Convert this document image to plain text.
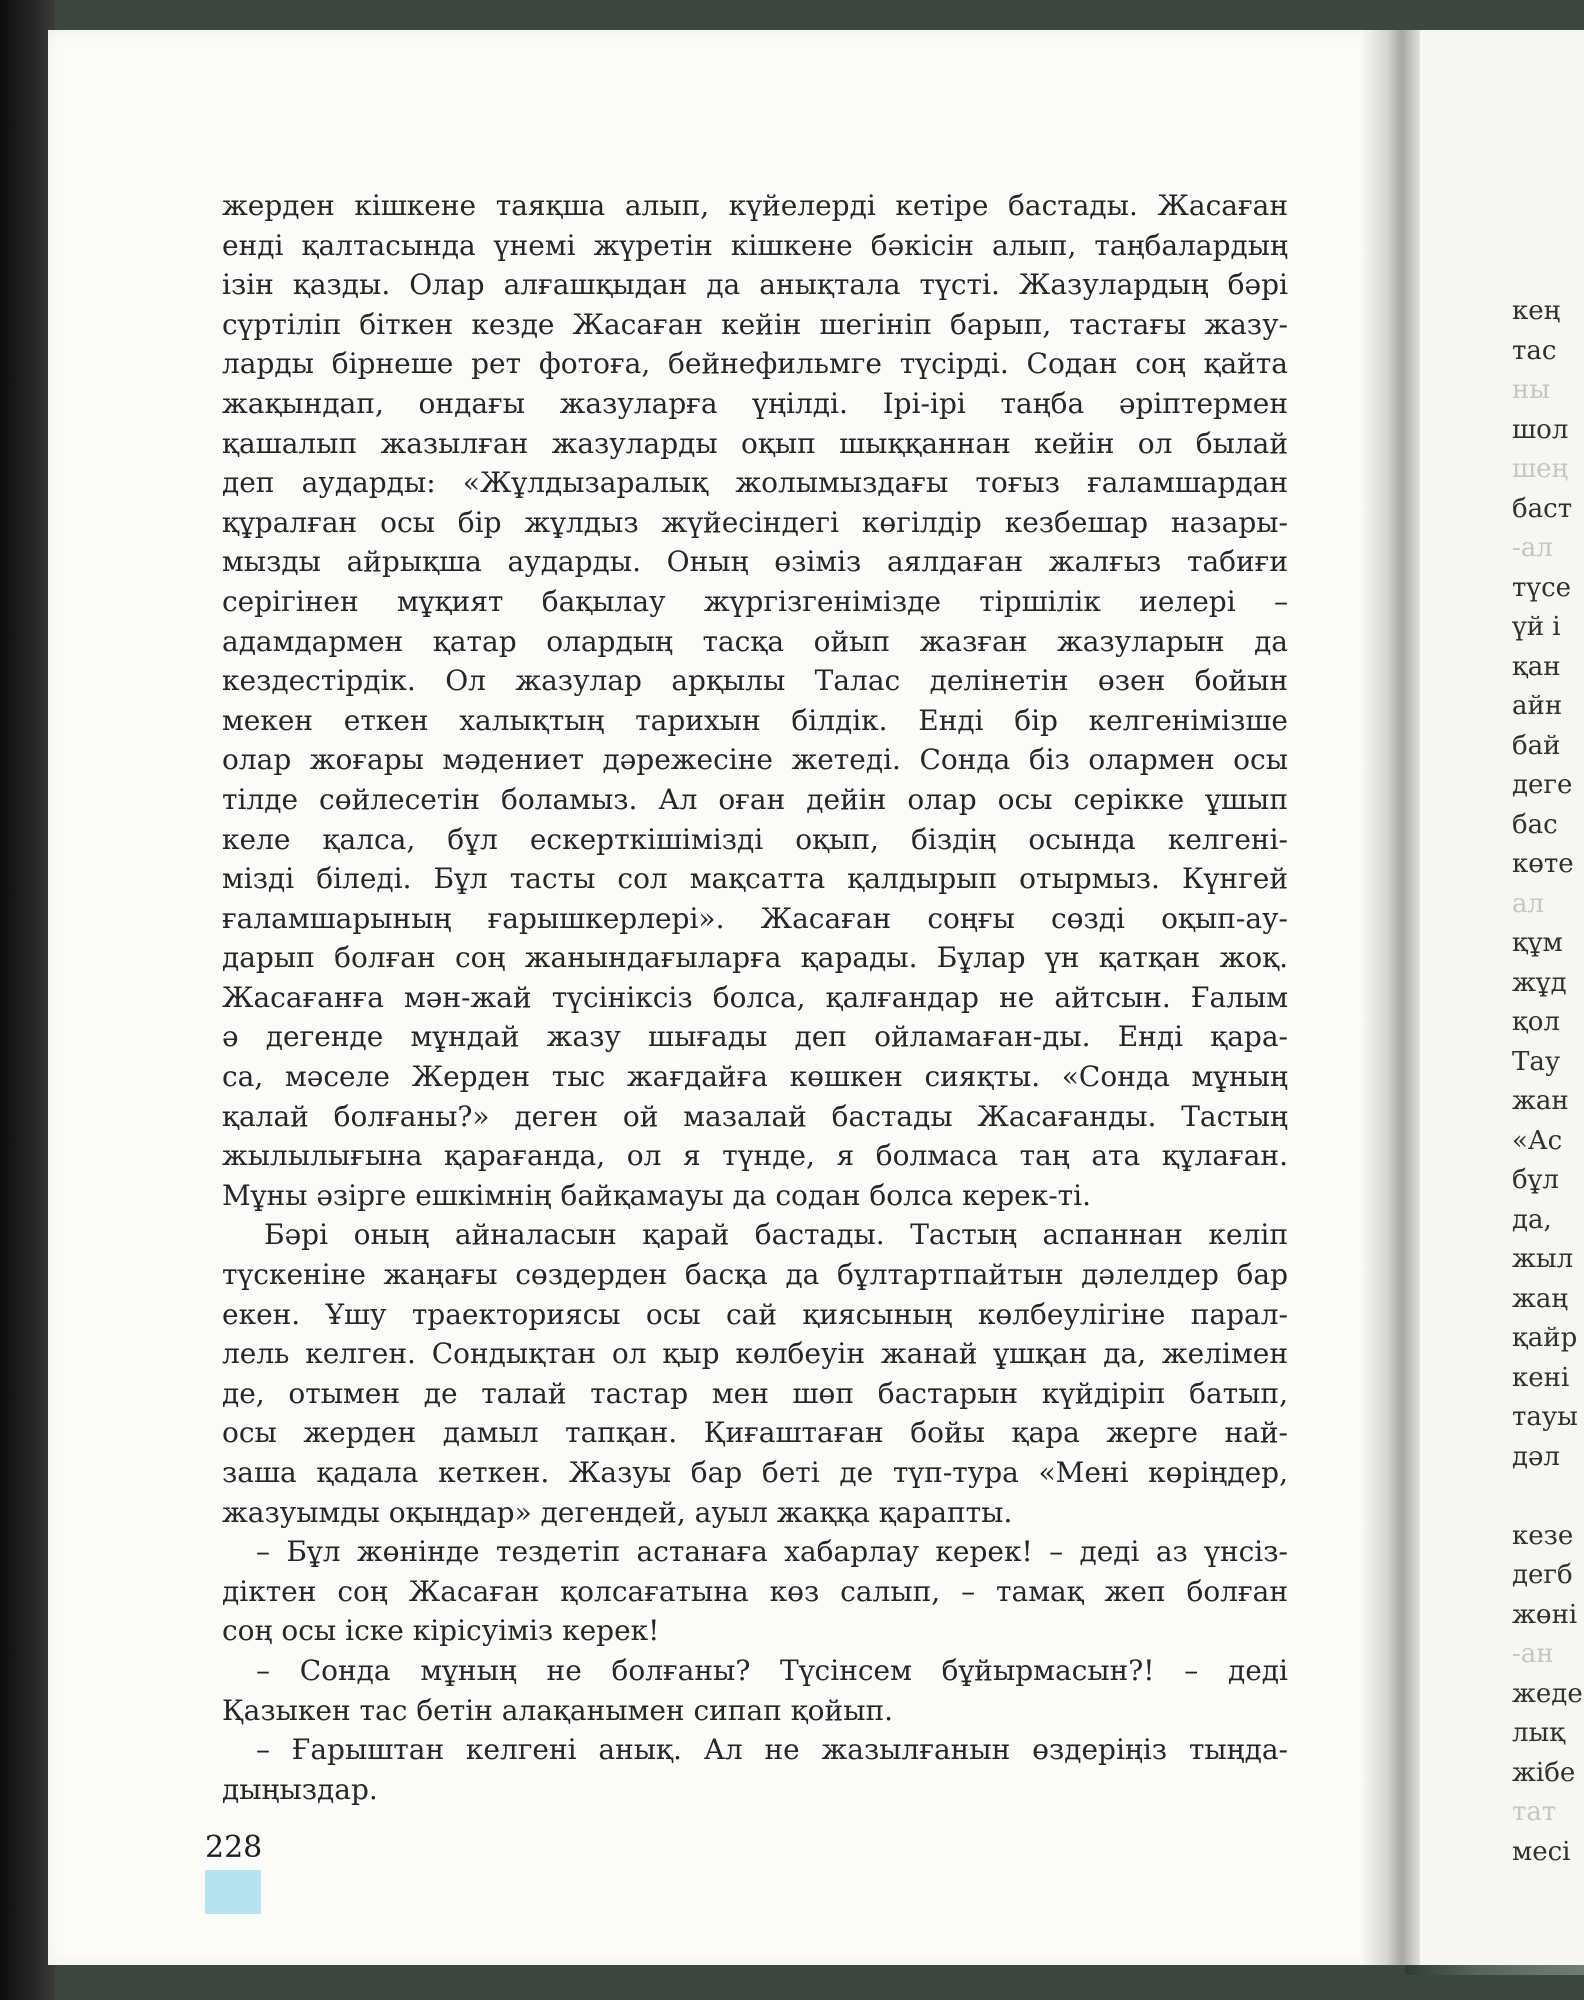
кең
тас
ны
шол
шең
баст
-ал
түсе
үй і
қан
айн
бай
деге
бас
көте
ал
құм
жұд
қол
Тау
жан
«Ас
бұл
да,
жыл
жаң
қайр
кені
тауы
дәл
кезе
дегб
жөні
-ан
жеде
лық
жібе
тат
месі
жерден кішкене таяқша алып, күйелерді кетіре бастады. Жасаған
енді қалтасында үнемі жүретін кішкене бәкісін алып, таңбалардың
ізін қазды. Олар алғашқыдан да анықтала түсті. Жазулардың бәрі
сүртіліп біткен кезде Жасаған кейін шегініп барып, тастағы жазу-
ларды бірнеше рет фотоға, бейнефильмге түсірді. Содан соң қайта
жақындап, ондағы жазуларға үңілді. Ірі-ірі таңба әріптермен
қашалып жазылған жазуларды оқып шыққаннан кейін ол былай
деп аударды: «Жұлдызаралық жолымыздағы тоғыз ғаламшардан
құралған осы бір жұлдыз жүйесіндегі көгілдір кезбешар назары-
мызды айрықша аударды. Оның өзіміз аялдаған жалғыз табиғи
серігінен мұқият бақылау жүргізгенімізде тіршілік иелері –
адамдармен қатар олардың тасқа ойып жазған жазуларын да
кездестірдік. Ол жазулар арқылы Талас делінетін өзен бойын
мекен еткен халықтың тарихын білдік. Енді бір келгенімізше
олар жоғары мәдениет дәрежесіне жетеді. Сонда біз олармен осы
тілде сөйлесетін боламыз. Ал оған дейін олар осы серікке ұшып
келе қалса, бұл ескерткішімізді оқып, біздің осында келгені-
мізді біледі. Бұл тасты сол мақсатта қалдырып отырмыз. Күнгей
ғаламшарының ғарышкерлері». Жасаған соңғы сөзді оқып-ау-
дарып болған соң жанындағыларға қарады. Бұлар үн қатқан жоқ.
Жасағанға мән-жай түсініксіз болса, қалғандар не айтсын. Ғалым
ә дегенде мұндай жазу шығады деп ойламаған-ды. Енді қара-
са, мәселе Жерден тыс жағдайға көшкен сияқты. «Сонда мұның
қалай болғаны?» деген ой мазалай бастады Жасағанды. Тастың
жылылығына қарағанда, ол я түнде, я болмаса таң ата құлаған.
Мұны әзірге ешкімнің байқамауы да содан болса керек-ті.
Бәрі оның айналасын қарай бастады. Тастың аспаннан келіп
түскеніне жаңағы сөздерден басқа да бұлтартпайтын дәлелдер бар
екен. Ұшу траекториясы осы сай қиясының көлбеулігіне парал-
лель келген. Сондықтан ол қыр көлбеуін жанай ұшқан да, желімен
де, отымен де талай тастар мен шөп бастарын күйдіріп батып,
осы жерден дамыл тапқан. Қиғаштаған бойы қара жерге най-
заша қадала кеткен. Жазуы бар беті де түп-тура «Мені көріңдер,
жазуымды оқыңдар» дегендей, ауыл жаққа қарапты.
– Бұл жөнінде тездетіп астанаға хабарлау керек! – деді аз үнсіз-
діктен соң Жасаған қолсағатына көз салып, – тамақ жеп болған
соң осы іске кірісуіміз керек!
– Сонда мұның не болғаны? Түсінсем бұйырмасын?! – деді
Қазыкен тас бетін алақанымен сипап қойып.
– Ғарыштан келгені анық. Ал не жазылғанын өздеріңіз тыңда-
дыңыздар.
228
